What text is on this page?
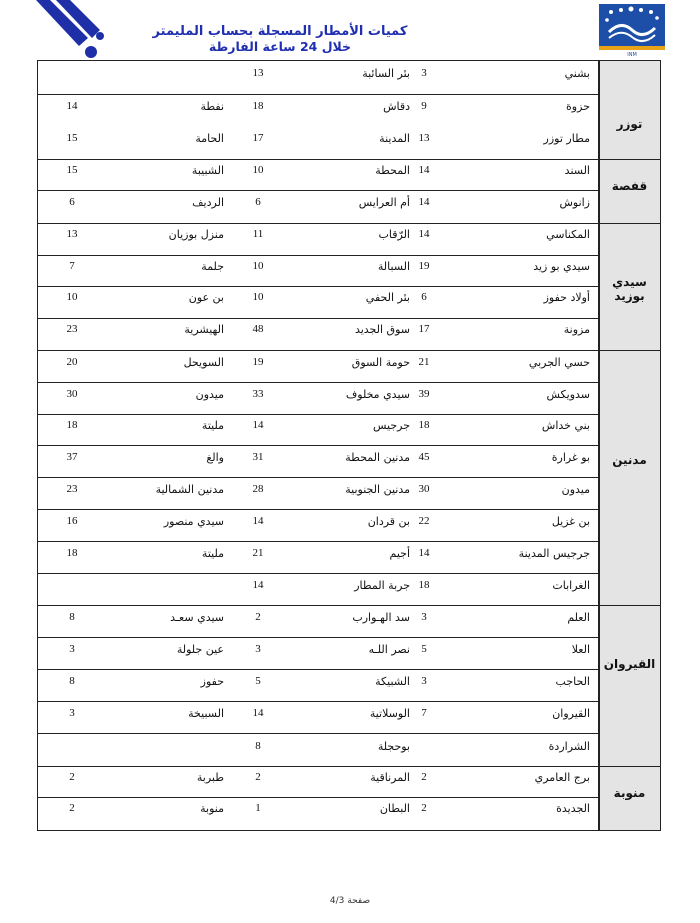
INM
كميات الأمطار المسجلة بحساب المليمتر
خلال 24 ساعة الفارطة
توزر
قفصة
سيدي بوزيد
مدنين
القيروان
منوبة
بشني
3
بئر السائبة
13
حزوة
9
دقاش
18
نفطة
14
مطار توزر
13
المدينة
17
الحامة
15
السند
14
المحطة
10
الشبيبة
15
زانوش
14
أم العرايس
6
الرديف
6
المكناسي
14
الرّقاب
11
منزل بوزيان
13
سيدي بو زيد
19
السبالة
10
جلمة
7
أولاد حفوز
6
بئر الحفي
10
بن عون
10
مزونة
17
سوق الجديد
48
الهيشرية
23
حسي الجربي
21
حومة السوق
19
السويحل
20
سدويكش
39
سيدي مخلوف
33
ميدون
30
بني خداش
18
جرجيس
14
مليتة
18
بو غرارة
45
مدنين المحطة
31
والغ
37
ميدون
30
مدنين الجنوبية
28
مدنين الشمالية
23
بن غزيل
22
بن قردان
14
سيدي منصور
16
جرجيس المدينة
14
أجيم
21
مليتة
18
الغرابات
18
جربة المطار
14
العلم
3
سد الهـوارب
2
سيدي سعـد
8
العلا
5
نصر اللـه
3
عين جلولة
3
الحاجب
3
الشبيكة
5
حفوز
8
القيروان
7
الوسلاتية
14
السبيخة
3
الشراردة
بوحجلة
8
برج العامري
2
المرناقية
2
طبربة
2
الجديدة
2
البطان
1
منوبة
2
صفحة 4/3
